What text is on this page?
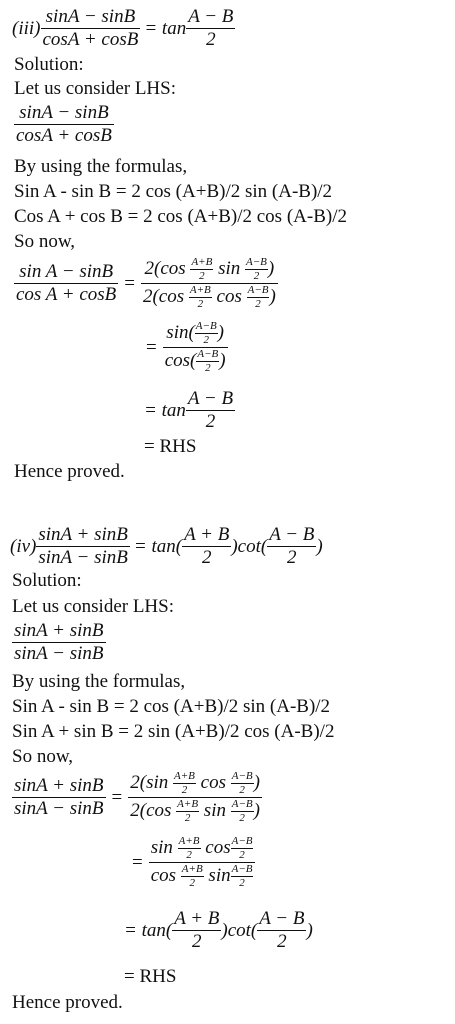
$(iii) \frac{\sin A - \sin B}{\cos A + \cos B} = \tan \frac{A - B}{2}$
Solution:
Let us consider LHS:
$\frac{\sin A - \sin B}{\cos A + \cos B}$
By using the formulas,
Sin A - sin B = 2 cos (A+B)/2 sin (A-B)/2
Cos A + cos B = 2 cos (A+B)/2 cos (A-B)/2
So now,
$\frac{\text{sin A − sinB}}{\text{cos A + cosB}} = \frac{2(\cos \frac{A+B}{2} \sin \frac{A-B}{2} )}{2(\cos \frac{A+B}{2} \cos \frac{A-B}{2} )}$
= $\frac{\sin( \frac{A-B}{2} )}{\cos( \frac{A-B}{2} )}$
= $\tan \frac{A - B}{2}$
= RHS
Hence proved.
$(iv) \frac{\sin A + \sin B}{\sin A - \sin B} = \tan( \frac{A + B}{2} )\cot( \frac{A - B}{2}$ )
Solution:
Let us consider LHS:
$\frac{\sin A + \sin B}{\sin A - \sin B}$
By using the formulas,
Sin A - sin B = 2 cos (A+B)/2 sin (A-B)/2
Sin A + sin B = 2 sin (A+B)/2 cos (A-B)/2
So now,
$\frac{\sin A + \sin B}{\sin A - \sin B} = \frac{2(\sin \frac{A+B}{2} \cos \frac{A-B}{2} )}{2(\cos \frac{A+B}{2} \sin \frac{A-B}{2} )}$
= $\frac{\sin \frac{A+B}{2} \cos \frac{A-B}{2}}{\cos \frac{A+B}{2} \sin \frac{A-B}{2}}$
= $\tan( \frac{A + B}{2} )\cot( \frac{A - B}{2}$ )
= RHS
Hence proved.
